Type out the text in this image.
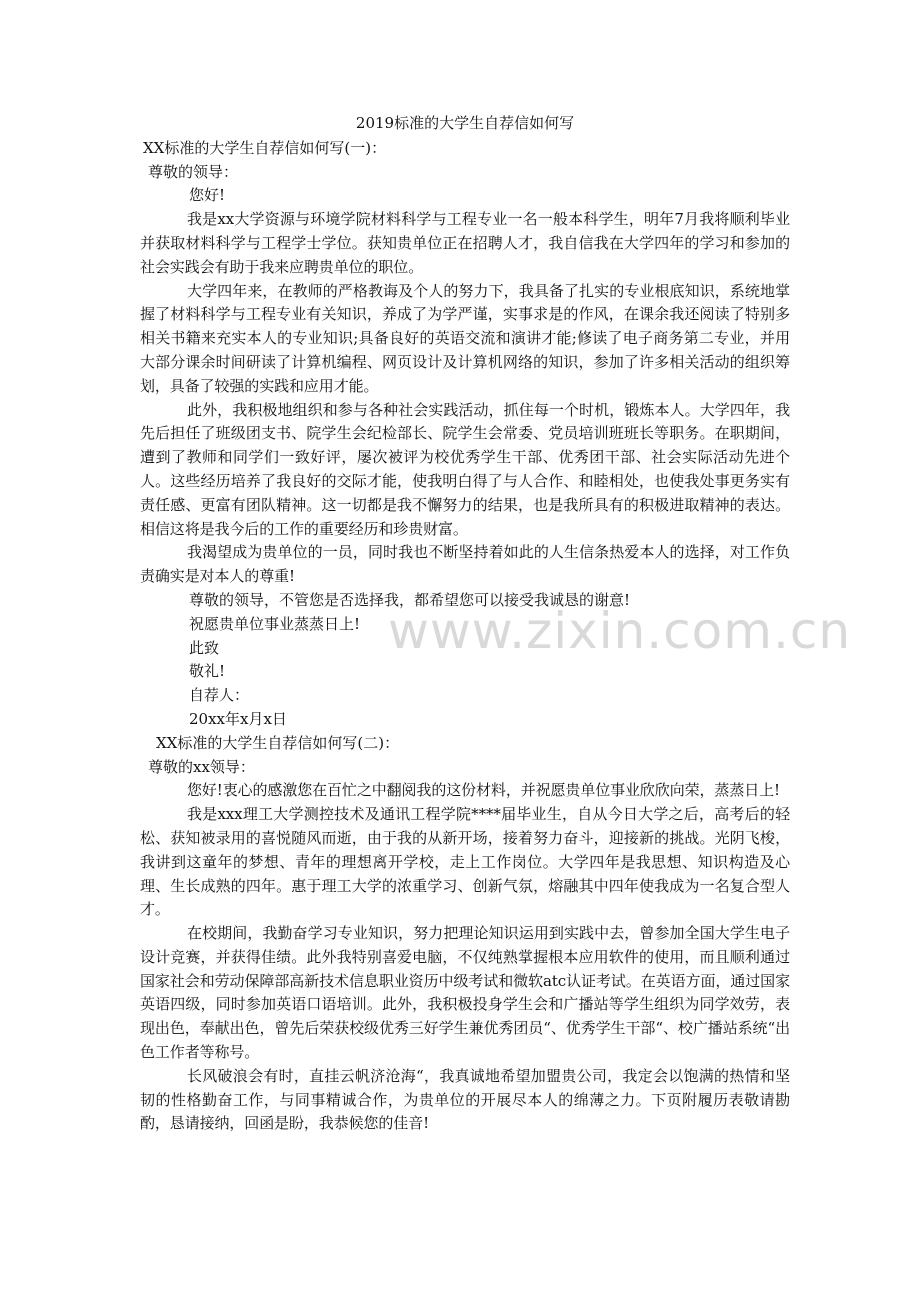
2019标准的大学生自荐信如何写

XX标准的大学生自荐信如何写(一)：

尊敬的领导：

您好!

我是xx大学资源与环境学院材料科学与工程专业一名一般本科学生，明年7月我将顺利毕业并获取材料科学与工程学士学位。获知贵单位正在招聘人才，我自信我在大学四年的学习和参加的社会实践会有助于我来应聘贵单位的职位。

大学四年来，在教师的严格教诲及个人的努力下，我具备了扎实的专业根底知识，系统地掌握了材料科学与工程专业有关知识，养成了为学严谨，实事求是的作风，在课余我还阅读了特别多相关书籍来充实本人的专业知识;具备良好的英语交流和演讲才能;修读了电子商务第二专业，并用大部分课余时间研读了计算机编程、网页设计及计算机网络的知识，参加了许多相关活动的组织筹划，具备了较强的实践和应用才能。

此外，我积极地组织和参与各种社会实践活动，抓住每一个时机，锻炼本人。大学四年，我先后担任了班级团支书、院学生会纪检部长、院学生会常委、党员培训班班长等职务。在职期间，遭到了教师和同学们一致好评，屡次被评为校优秀学生干部、优秀团干部、社会实际活动先进个人。这些经历培养了我良好的交际才能，使我明白得了与人合作、和睦相处，也使我处事更务实有责任感、更富有团队精神。这一切都是我不懈努力的结果，也是我所具有的积极进取精神的表达。相信这将是我今后的工作的重要经历和珍贵财富。

我渴望成为贵单位的一员，同时我也不断坚持着如此的人生信条热爱本人的选择，对工作负责确实是对本人的尊重!

尊敬的领导，不管您是否选择我，都希望您可以接受我诚恳的谢意!

祝愿贵单位事业蒸蒸日上!

此致

敬礼!

自荐人：

20xx年x月x日

XX标准的大学生自荐信如何写(二)：

尊敬的xx领导：

您好!衷心的感激您在百忙之中翻阅我的这份材料，并祝愿贵单位事业欣欣向荣，蒸蒸日上!

我是xxx理工大学测控技术及通讯工程学院****届毕业生，自从今日大学之后，高考后的轻松、获知被录用的喜悦随风而逝，由于我的从新开场，接着努力奋斗，迎接新的挑战。光阴飞梭，我讲到这童年的梦想、青年的理想离开学校，走上工作岗位。大学四年是我思想、知识构造及心理、生长成熟的四年。惠于理工大学的浓重学习、创新气氛，熔融其中四年使我成为一名复合型人才。

在校期间，我勤奋学习专业知识，努力把理论知识运用到实践中去，曾参加全国大学生电子设计竞赛，并获得佳绩。此外我特别喜爱电脑，不仅纯熟掌握根本应用软件的使用，而且顺利通过国家社会和劳动保障部高新技术信息职业资历中级考试和微软atc认证考试。在英语方面，通过国家英语四级，同时参加英语口语培训。此外，我积极投身学生会和广播站等学生组织为同学效劳，表现出色，奉献出色，曾先后荣获校级优秀三好学生兼优秀团员“、优秀学生干部“、校广播站系统“出色工作者等称号。

长风破浪会有时，直挂云帆济沧海“，我真诚地希望加盟贵公司，我定会以饱满的热情和坚韧的性格勤奋工作，与同事精诚合作，为贵单位的开展尽本人的绵薄之力。下页附履历表敬请勘酌，恳请接纳，回函是盼，我恭候您的佳音!

www.zixin.com.cn
